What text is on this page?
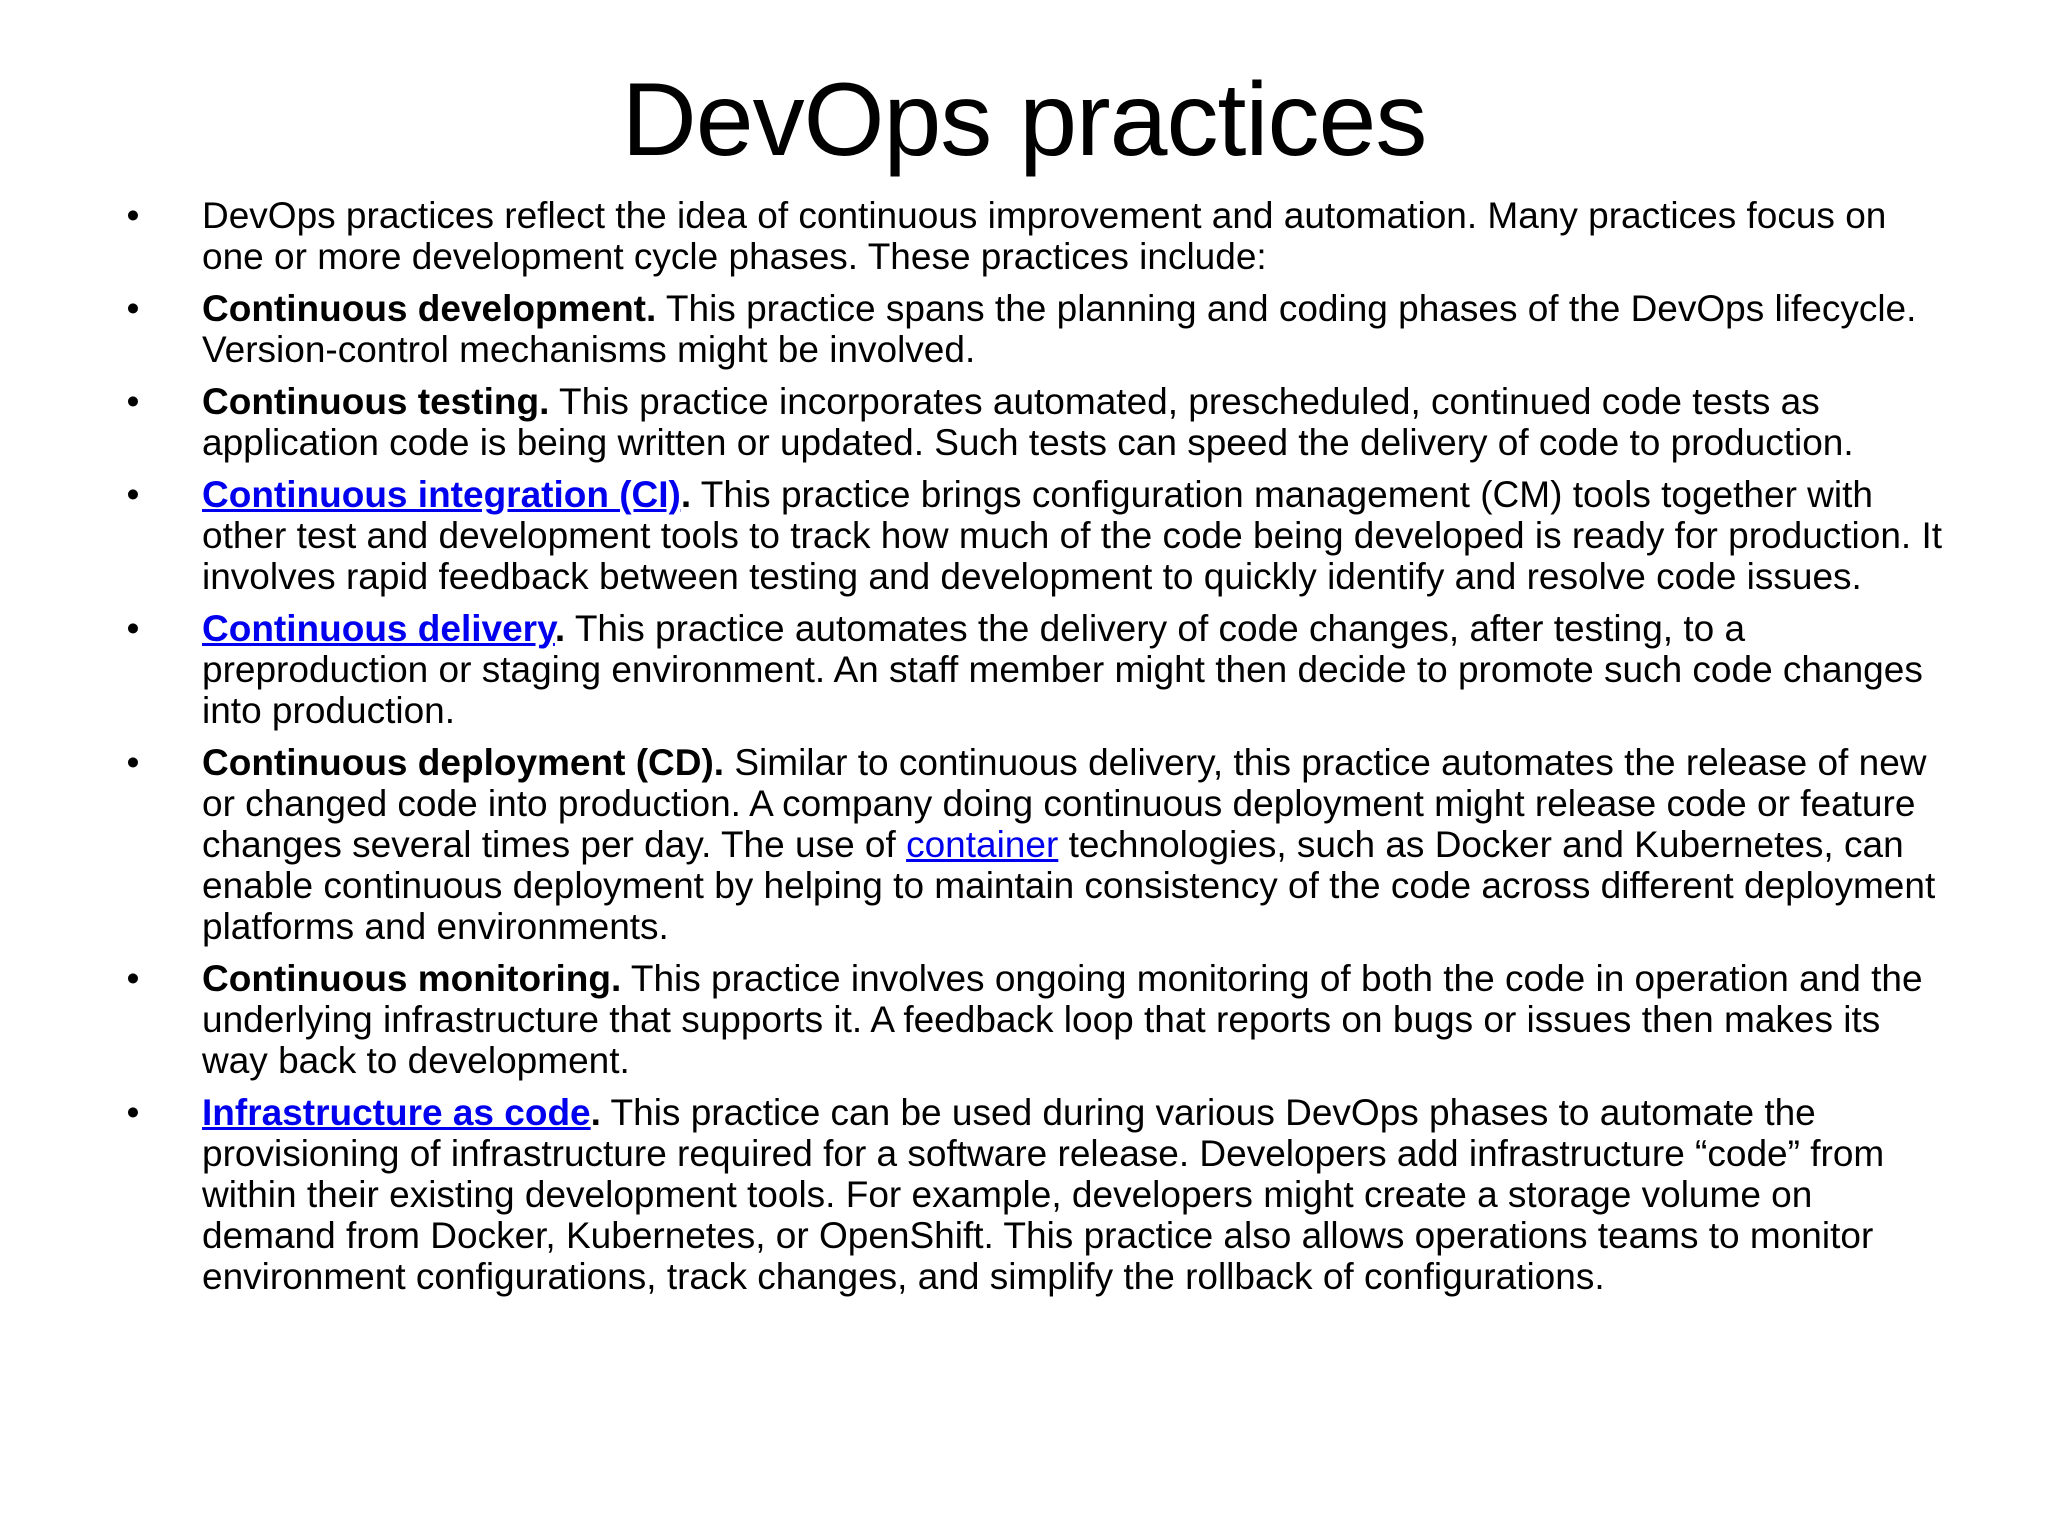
DevOps practices
• DevOps practices reflect the idea of continuous improvement and automation. Many practices focus on one or more development cycle phases. These practices include:
• Continuous development. This practice spans the planning and coding phases of the DevOps lifecycle. Version-control mechanisms might be involved.
• Continuous testing. This practice incorporates automated, prescheduled, continued code tests as application code is being written or updated. Such tests can speed the delivery of code to production.
• Continuous integration (CI). This practice brings configuration management (CM) tools together with other test and development tools to track how much of the code being developed is ready for production. It involves rapid feedback between testing and development to quickly identify and resolve code issues.
• Continuous delivery. This practice automates the delivery of code changes, after testing, to a preproduction or staging environment. An staff member might then decide to promote such code changes into production.
• Continuous deployment (CD). Similar to continuous delivery, this practice automates the release of new or changed code into production. A company doing continuous deployment might release code or feature changes several times per day. The use of container technologies, such as Docker and Kubernetes, can enable continuous deployment by helping to maintain consistency of the code across different deployment platforms and environments.
• Continuous monitoring. This practice involves ongoing monitoring of both the code in operation and the underlying infrastructure that supports it. A feedback loop that reports on bugs or issues then makes its way back to development.
• Infrastructure as code. This practice can be used during various DevOps phases to automate the provisioning of infrastructure required for a software release. Developers add infrastructure “code” from within their existing development tools. For example, developers might create a storage volume on demand from Docker, Kubernetes, or OpenShift. This practice also allows operations teams to monitor environment configurations, track changes, and simplify the rollback of configurations.
